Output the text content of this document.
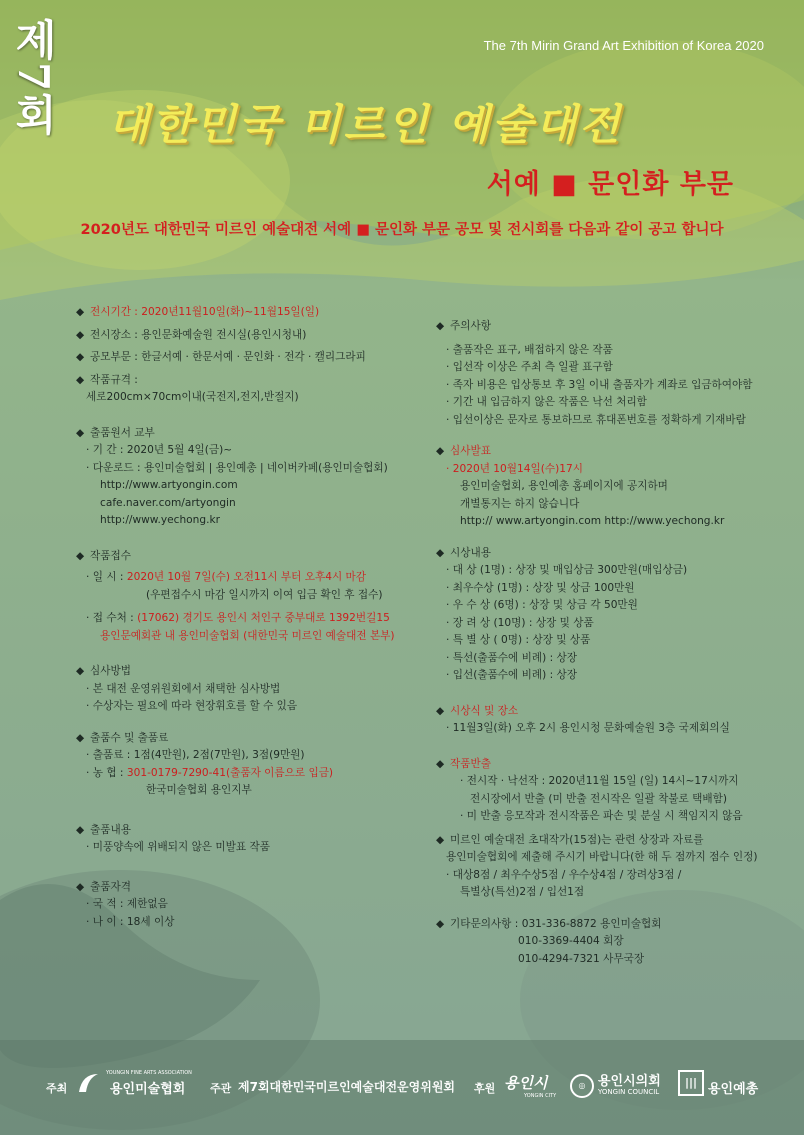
제7회	The 7th Mirin Grand Art Exhibition of Korea 2020
대한민국 미르인 예술대전
서예 ■ 문인화 부문
2020년도 대한민국 미르인 예술대전 서예 ■ 문인화 부문 공모 및 전시회를 다음과 같이 공고 합니다
◆ 전시기간 : 2020년11월10일(화)~11월15일(일)
◆ 전시장소 : 용인문화예술원 전시실(용인시청내)
◆ 공모부문 : 한글서예 · 한문서예 · 문인화 · 전각 · 캘리그라피
◆ 작품규격 :
세로200cm×70cm이내(국전지,전지,반절지)
◆ 출품원서 교부
· 기 간 : 2020년 5월 4일(금)~
· 다운로드 : 용인미술협회 | 용인예총 | 네이버카페(용인미술협회)
http://www.artyongin.com
cafe.naver.com/artyongin
http://www.yechong.kr
◆ 작품접수
· 일 시 : 2020년 10월 7일(수) 오전11시 부터 오후4시 마감
(우편접수시 마감 일시까지 이여 입금 확인 후 접수)
· 접 수처 : (17062) 경기도 용인시 처인구 중부대로 1392번길15
용인문예회관 내 용인미술협회 (대한민국 미르인 예술대전 본부)
◆ 심사방법
· 본 대전 운영위원회에서 채택한 심사방법
· 수상자는 필요에 따라 현장휘호를 할 수 있음
◆ 출품수 및 출품료
· 출품료 : 1점(4만원), 2점(7만원), 3점(9만원)
· 농 협 : 301-0179-7290-41(출품자 이름으로 입금)
한국미술협회 용인지부
◆ 출품내용
· 미풍양속에 위배되지 않은 미발표 작품
◆ 출품자격
· 국 적 : 제한없음
· 나 이 : 18세 이상
◆ 주의사항
· 출품작은 표구, 배접하지 않은 작품
· 입선작 이상은 주최 측 일괄 표구함
· 족자 비용은 입상통보 후 3일 이내 출품자가 계좌로 입금하여야함
· 기간 내 입금하지 않은 작품은 낙선 처리함
· 입선이상은 문자로 통보하므로 휴대폰번호를 정확하게 기재바람
◆ 심사발표
· 2020년 10월14일(수)17시
용인미술협회, 용인예총 홈페이지에 공지하며
개별통지는 하지 않습니다
http:// www.artyongin.com http://www.yechong.kr
◆ 시상내용
· 대 상 (1명) : 상장 및 매입상금 300만원(매입상금)
· 최우수상 (1명) : 상장 및 상금 100만원
· 우 수 상 (6명) : 상장 및 상금 각 50만원
· 장 려 상 (10명) : 상장 및 상품
· 특 별 상 ( 0명) : 상장 및 상품
· 특선(출품수에 비례) : 상장
· 입선(출품수에 비례) : 상장
◆ 시상식 및 장소
· 11월3일(화) 오후 2시 용인시청 문화예술원 3층 국제회의실
◆ 작품반출
· 전시작 · 낙선작 : 2020년11월 15일 (일) 14시~17시까지
전시장에서 반출 (미 반출 전시작은 일괄 착불로 택배함)
· 미 반출 응모작과 전시작품은 파손 및 분실 시 책임지지 않음
◆ 미르인 예술대전 초대작가(15점)는 관련 상장과 자료를
용인미술협회에 제출해 주시기 바랍니다(한 해 두 점까지 점수 인정)
· 대상8점 / 최우수상5점 / 우수상4점 / 장려상3점 /
특별상(특선)2점 / 입선1점
◆ 기타문의사항 : 031-336-8872 용인미술협회
010-3369-4404 회장
010-4294-7321 사무국장
주최
YOUNGIN FINE ARTS ASSOCIATION
용인미술협회 주관 제7회대한민국미르인예술대전운영위원회 후원 용인시
YONGIN CITY
◎ 용인시의회
YONGIN COUNCIL
||| 용인예총
